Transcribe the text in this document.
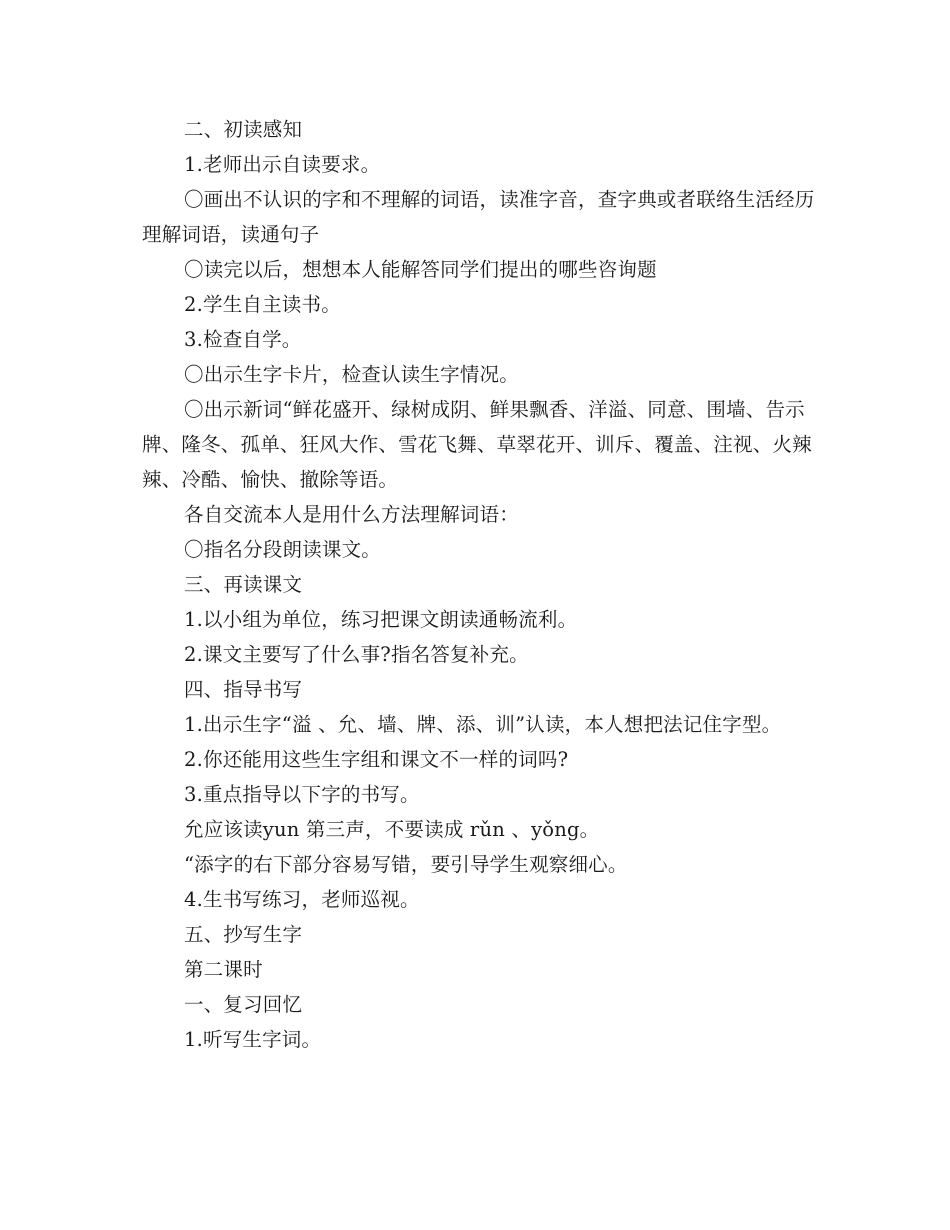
二、初读感知

1.老师出示自读要求。

〇画出不认识的字和不理解的词语，读准字音，查字典或者联络生活经历理解词语，读通句子

〇读完以后，想想本人能解答同学们提出的哪些咨询题

2.学生自主读书。

3.检查自学。

〇出示生字卡片，检查认读生字情况。

〇出示新词“鲜花盛开、绿树成阴、鲜果飘香、洋溢、同意、围墙、告示牌、隆冬、孤单、狂风大作、雪花飞舞、草翠花开、训斥、覆盖、注视、火辣辣、冷酷、愉快、撤除等语。

各自交流本人是用什么方法理解词语：

〇指名分段朗读课文。

三、再读课文

1.以小组为单位，练习把课文朗读通畅流利。

2.课文主要写了什么事?指名答复补充。

四、指导书写

1.出示生字“溢 、允、墙、牌、添、训”认读，本人想把法记住字型。

2.你还能用这些生字组和课文不一样的词吗?

3.重点指导以下字的书写。

允应该读yun 第三声，不要读成 rǔn 、yǒng。

“添字的右下部分容易写错，要引导学生观察细心。

4.生书写练习，老师巡视。

五、抄写生字

第二课时

一、复习回忆

1.听写生字词。
